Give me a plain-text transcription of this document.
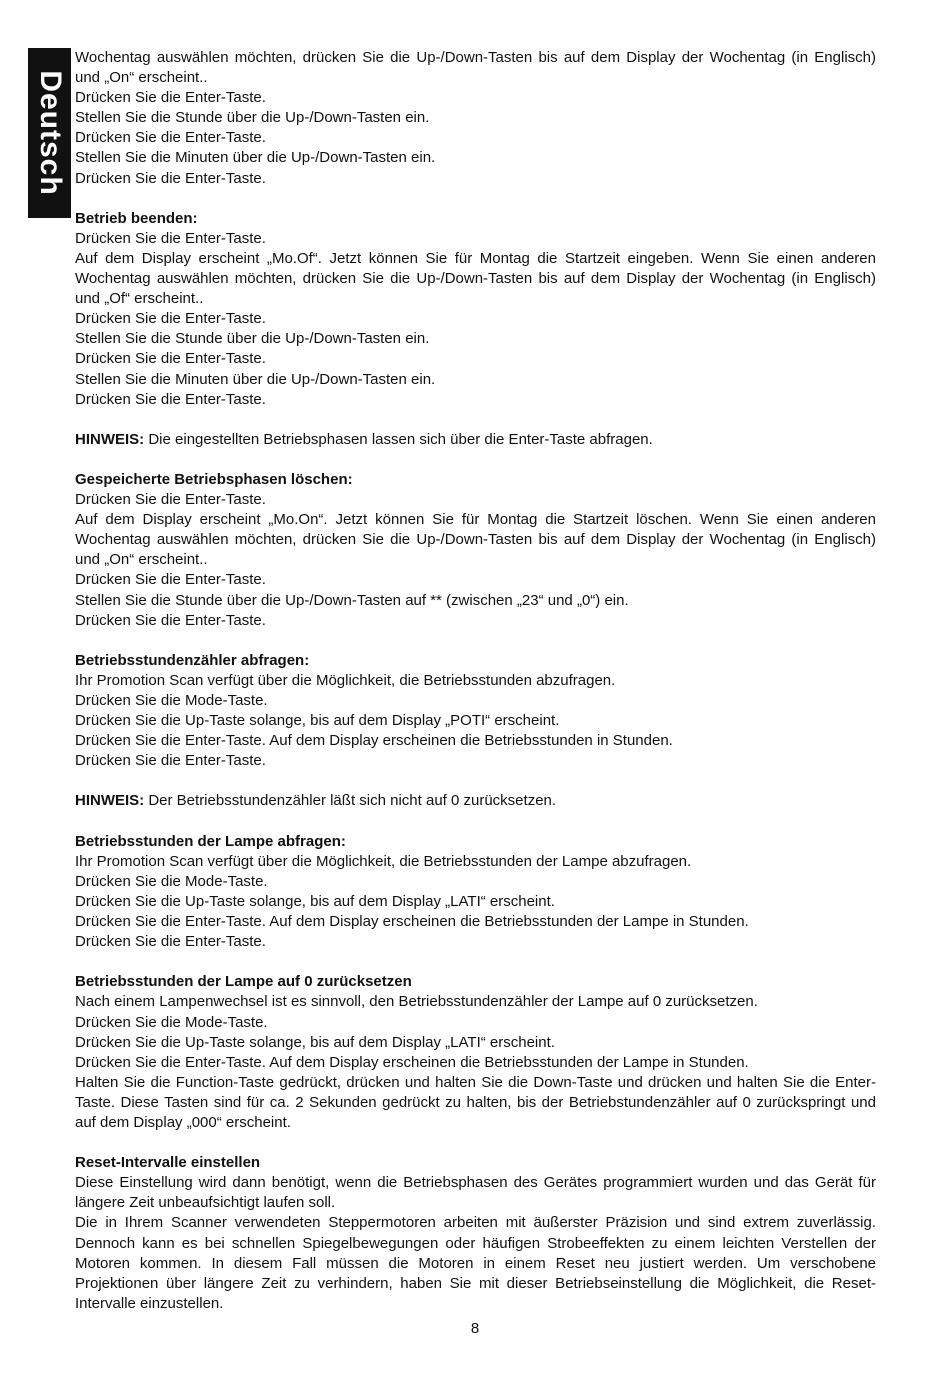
Deutsch

Wochentag auswählen möchten, drücken Sie die Up-/Down-Tasten bis auf dem Display der Wochentag (in Englisch) und „On“ erscheint..

Drücken Sie die Enter-Taste.

Stellen Sie die Stunde über die Up-/Down-Tasten ein.

Drücken Sie die Enter-Taste.

Stellen Sie die Minuten über die Up-/Down-Tasten ein.

Drücken Sie die Enter-Taste.

Betrieb beenden:

Drücken Sie die Enter-Taste.

Auf dem Display erscheint „Mo.Of“. Jetzt können Sie für Montag die Startzeit eingeben. Wenn Sie einen anderen Wochentag auswählen möchten, drücken Sie die Up-/Down-Tasten bis auf dem Display der Wochentag (in Englisch) und „Of“ erscheint..

Drücken Sie die Enter-Taste.

Stellen Sie die Stunde über die Up-/Down-Tasten ein.

Drücken Sie die Enter-Taste.

Stellen Sie die Minuten über die Up-/Down-Tasten ein.

Drücken Sie die Enter-Taste.

HINWEIS: Die eingestellten Betriebsphasen lassen sich über die Enter-Taste abfragen.

Gespeicherte Betriebsphasen löschen:

Drücken Sie die Enter-Taste.

Auf dem Display erscheint „Mo.On“. Jetzt können Sie für Montag die Startzeit löschen. Wenn Sie einen anderen Wochentag auswählen möchten, drücken Sie die Up-/Down-Tasten bis auf dem Display der Wochentag (in Englisch) und „On“ erscheint..

Drücken Sie die Enter-Taste.

Stellen Sie die Stunde über die Up-/Down-Tasten auf ** (zwischen „23“ und „0“) ein.

Drücken Sie die Enter-Taste.

Betriebsstundenzähler abfragen:

Ihr Promotion Scan verfügt über die Möglichkeit, die Betriebsstunden abzufragen.

Drücken Sie die Mode-Taste.

Drücken Sie die Up-Taste solange, bis auf dem Display „POTI“ erscheint.

Drücken Sie die Enter-Taste. Auf dem Display erscheinen die Betriebsstunden in Stunden.

Drücken Sie die Enter-Taste.

HINWEIS: Der Betriebsstundenzähler läßt sich nicht auf 0 zurücksetzen.

Betriebsstunden der Lampe abfragen:

Ihr Promotion Scan verfügt über die Möglichkeit, die Betriebsstunden der Lampe abzufragen.

Drücken Sie die Mode-Taste.

Drücken Sie die Up-Taste solange, bis auf dem Display „LATI“ erscheint.

Drücken Sie die Enter-Taste. Auf dem Display erscheinen die Betriebsstunden der Lampe in Stunden.

Drücken Sie die Enter-Taste.

Betriebsstunden der Lampe auf 0 zurücksetzen

Nach einem Lampenwechsel ist es sinnvoll, den Betriebsstundenzähler der Lampe auf 0 zurücksetzen.

Drücken Sie die Mode-Taste.

Drücken Sie die Up-Taste solange, bis auf dem Display „LATI“ erscheint.

Drücken Sie die Enter-Taste. Auf dem Display erscheinen die Betriebsstunden der Lampe in Stunden.

Halten Sie die Function-Taste gedrückt, drücken und halten Sie die Down-Taste und drücken und halten Sie die Enter-Taste. Diese Tasten sind für ca. 2 Sekunden gedrückt zu halten, bis der Betriebstundenzähler auf 0 zurückspringt und auf dem Display „000“ erscheint.

Reset-Intervalle einstellen

Diese Einstellung wird dann benötigt, wenn die Betriebsphasen des Gerätes programmiert wurden und das Gerät für längere Zeit unbeaufsichtigt laufen soll.

Die in Ihrem Scanner verwendeten Steppermotoren arbeiten mit äußerster Präzision und sind extrem zuverlässig. Dennoch kann es bei schnellen Spiegelbewegungen oder häufigen Strobeeffekten zu einem leichten Verstellen der Motoren kommen. In diesem Fall müssen die Motoren in einem Reset neu justiert werden. Um verschobene Projektionen über längere Zeit zu verhindern, haben Sie mit dieser Betriebseinstellung die Möglichkeit, die Reset-Intervalle einzustellen.

8
